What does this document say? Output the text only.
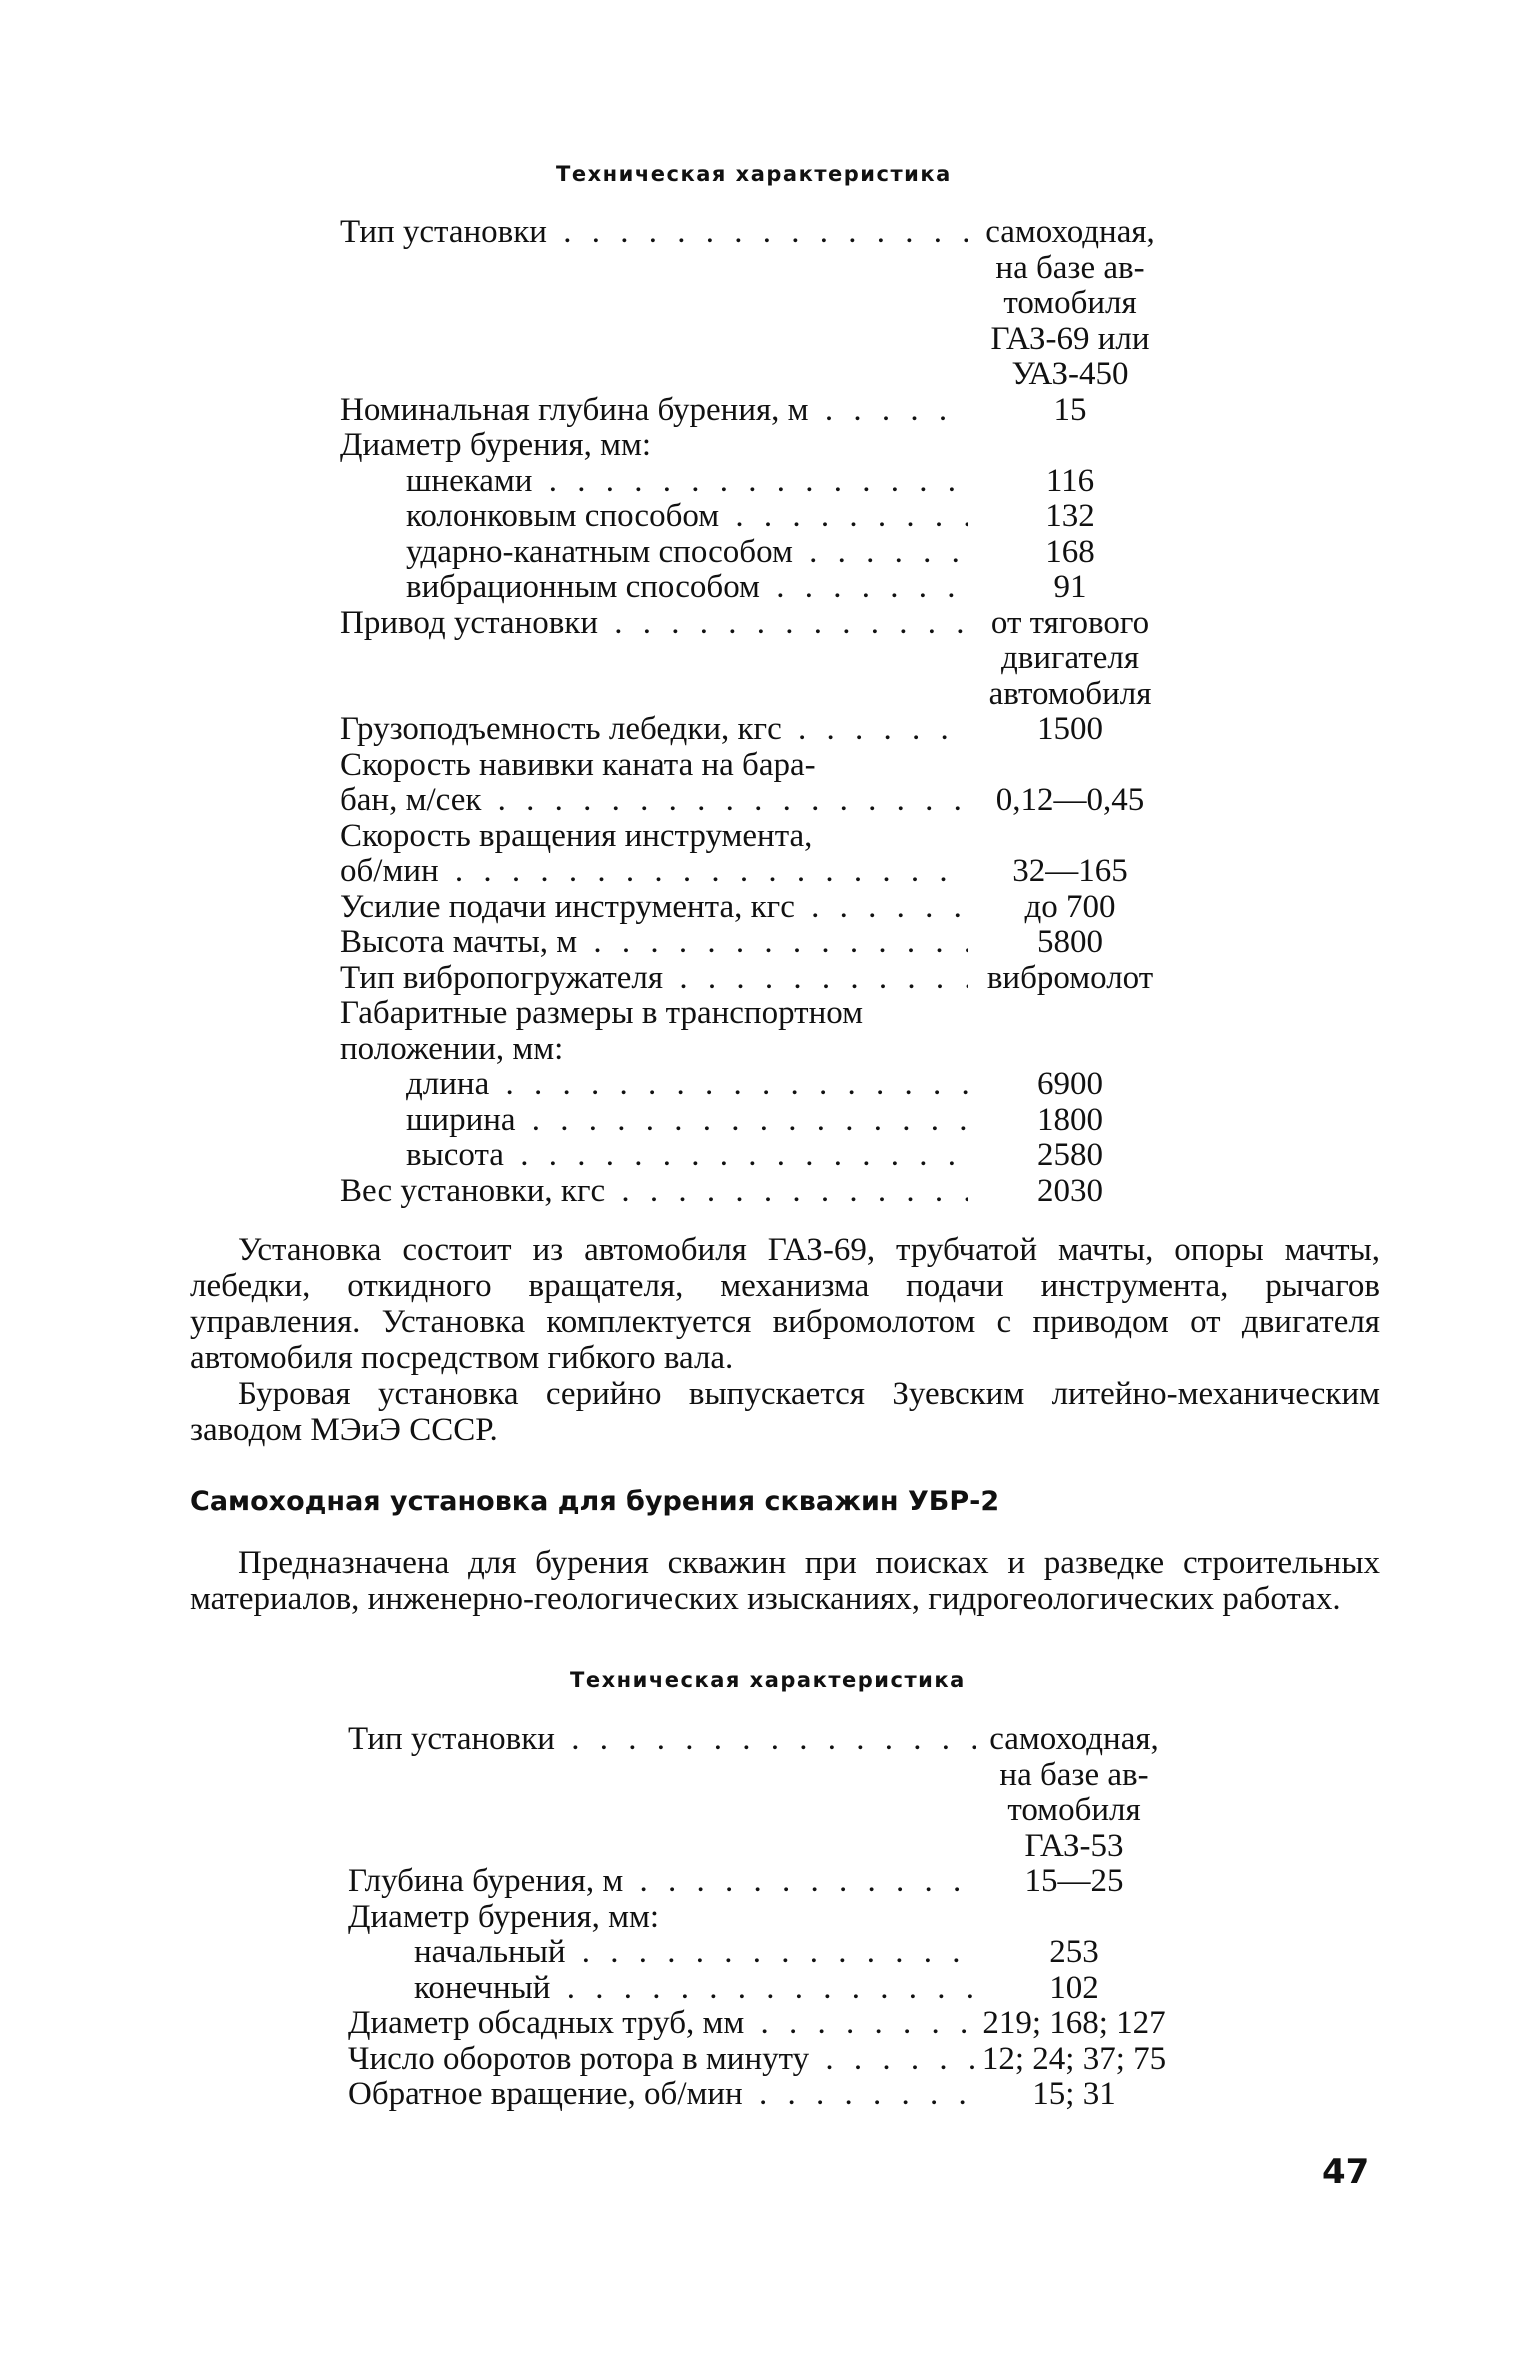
Техническая характеристика
Тип установки . . .	самоходная,
на базе ав-
томобиля
ГАЗ-69 или
УАЗ-450
Номинальная глубина бурения, м . . .	15
Диаметр бурения, мм:
шнеками . . .	116
колонковым способом . . .	132
ударно-канатным способом . . .	168
вибрационным способом . . .	91
Привод установки . . .	от тягового
двигателя
автомобиля
Грузоподъемность лебедки, кгс . . .	1500
Скорость навивки каната на бара-
бан, м/сек . . .	0,12—0,45
Скорость вращения инструмента,
об/мин . . .	32—165
Усилие подачи инструмента, кгс . . .	до 700
Высота мачты, м . . .	5800
Тип вибропогружателя . . .	вибромолот
Габаритные размеры в транспортном
положении, мм:
длина . . .	6900
ширина . . .	1800
высота . . .	2580
Вес установки, кгс . . .	2030

Установка состоит из автомобиля ГАЗ-69, трубчатой мачты, опоры мачты, лебедки, откидного вращателя, механизма подачи инструмента, рычагов управления. Установка комплектуется вибромолотом с приводом от двигателя автомобиля посредством гибкого вала.

Буровая установка серийно выпускается Зуевским литейно-механическим заводом МЭиЭ СССР.

Самоходная установка для бурения скважин УБР-2

Предназначена для бурения скважин при поисках и разведке строительных материалов, инженерно-геологических изысканиях, гидрогеологических работах.

Техническая характеристика
Тип установки . . .	самоходная,
на базе ав-
томобиля
ГАЗ-53
Глубина бурения, м . . .	15—25
Диаметр бурения, мм:
начальный . . .	253
конечный . . .	102
Диаметр обсадных труб, мм . . .	219; 168; 127
Число оборотов ротора в минуту . . .	12; 24; 37; 75
Обратное вращение, об/мин . . .	15; 31
47
